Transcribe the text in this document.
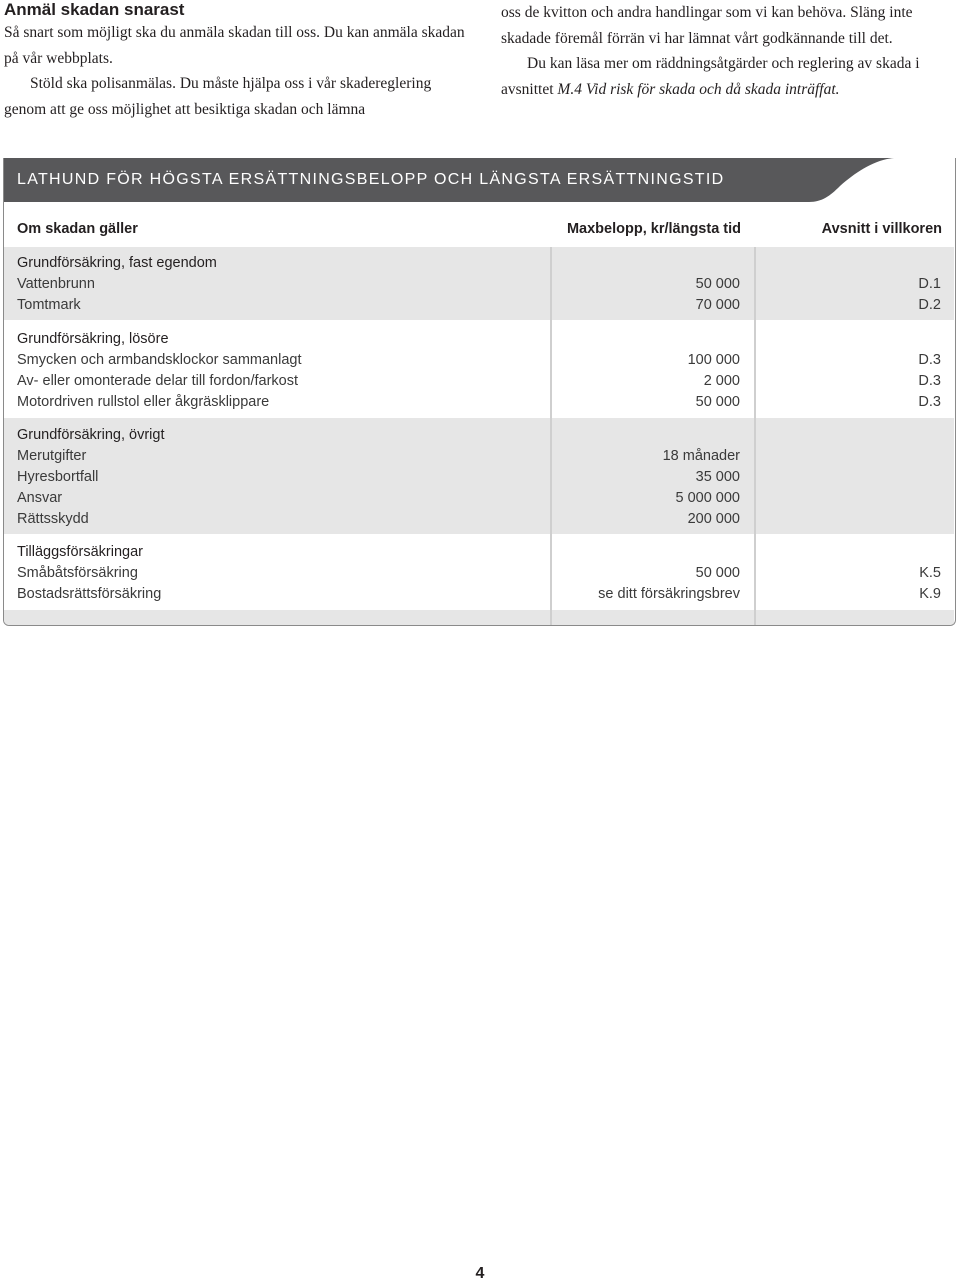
Anmäl skadan snarast

Så snart som möjligt ska du anmäla skadan till oss. Du kan anmäla skadan på vår webbplats.

Stöld ska polisanmälas. Du måste hjälpa oss i vår skadereglering genom att ge oss möjlighet att besiktiga skadan och lämna

oss de kvitton och andra handlingar som vi kan behöva. Släng inte skadade föremål förrän vi har lämnat vårt godkännande till det.

Du kan läsa mer om räddningsåtgärder och reglering av skada i avsnittet M.4 Vid risk för skada och då skada inträffat.

LATHUND FÖR HÖGSTA ERSÄTTNINGSBELOPP OCH LÄNGSTA ERSÄTTNINGSTID
Om skadan gäller	Maxbelopp, kr/längsta tid	Avsnitt i villkoren
Grundförsäkring, fast egendom
Vattenbrunn	50 000	D.1
Tomtmark	70 000	D.2
Grundförsäkring, lösöre
Smycken och armbandsklockor sammanlagt	100 000	D.3
Av- eller omonterade delar till fordon/farkost	2 000	D.3
Motordriven rullstol eller åkgräsklippare	50 000	D.3
Grundförsäkring, övrigt
Merutgifter	18 månader
Hyresbortfall	35 000
Ansvar	5 000 000
Rättsskydd	200 000
Tilläggsförsäkringar
Småbåtsförsäkring	50 000	K.5
Bostadsrättsförsäkring	se ditt försäkringsbrev	K.9
4
